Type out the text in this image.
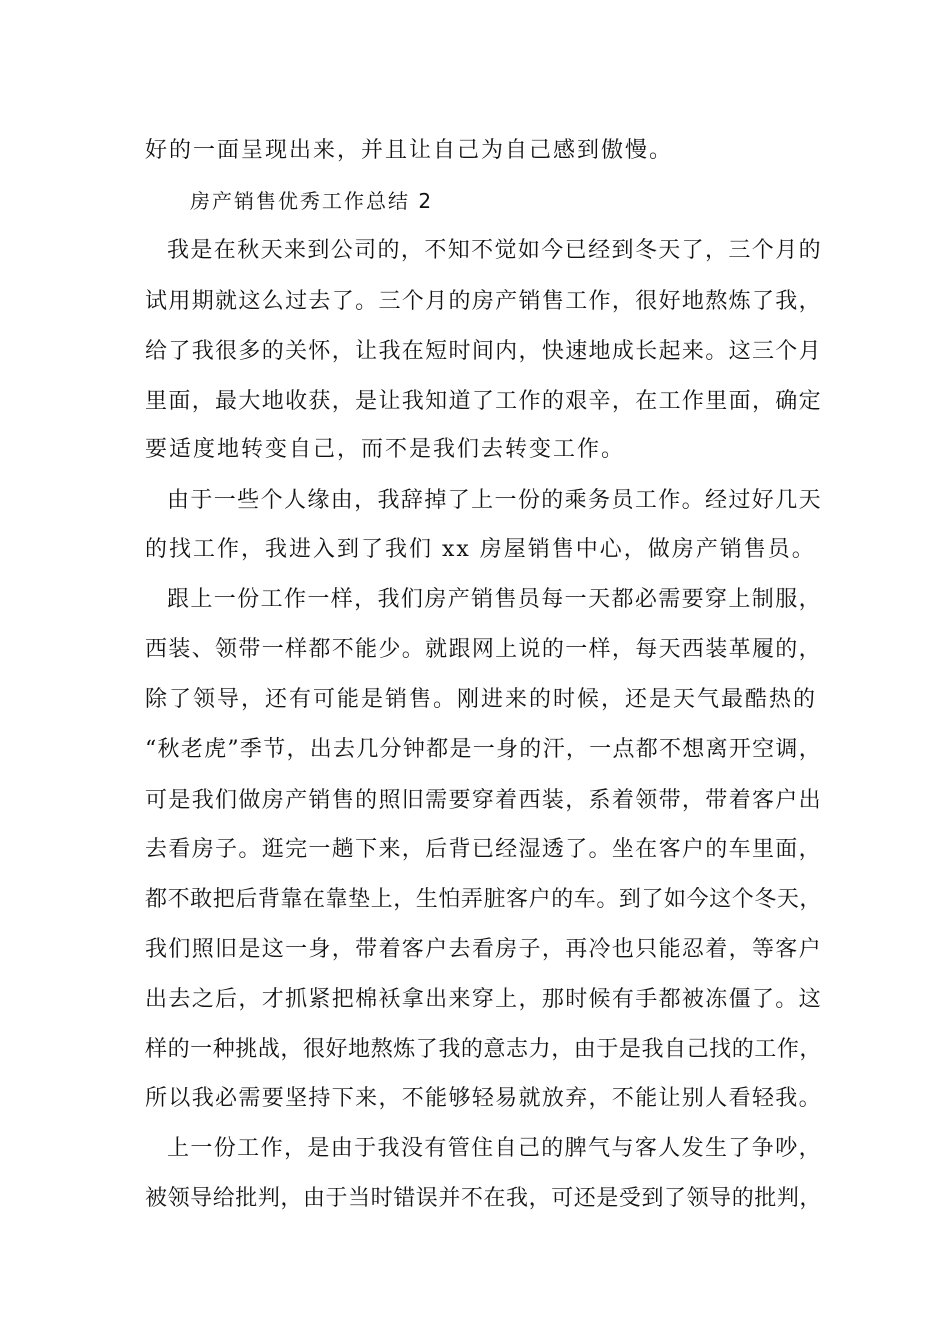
好的一面呈现出来，并且让自己为自己感到傲慢。
房产销售优秀工作总结 2
我是在秋天来到公司的，不知不觉如今已经到冬天了，三个月的
试用期就这么过去了。三个月的房产销售工作，很好地熬炼了我，
给了我很多的关怀，让我在短时间内，快速地成长起来。这三个月
里面，最大地收获，是让我知道了工作的艰辛，在工作里面，确定
要适度地转变自己，而不是我们去转变工作。
由于一些个人缘由，我辞掉了上一份的乘务员工作。经过好几天
的找工作，我进入到了我们 xx 房屋销售中心，做房产销售员。
跟上一份工作一样，我们房产销售员每一天都必需要穿上制服，
西装、领带一样都不能少。就跟网上说的一样，每天西装革履的，
除了领导，还有可能是销售。刚进来的时候，还是天气最酷热的
“秋老虎”季节，出去几分钟都是一身的汗，一点都不想离开空调，
可是我们做房产销售的照旧需要穿着西装，系着领带，带着客户出
去看房子。逛完一趟下来，后背已经湿透了。坐在客户的车里面，
都不敢把后背靠在靠垫上，生怕弄脏客户的车。到了如今这个冬天，
我们照旧是这一身，带着客户去看房子，再冷也只能忍着，等客户
出去之后，才抓紧把棉袄拿出来穿上，那时候有手都被冻僵了。这
样的一种挑战，很好地熬炼了我的意志力，由于是我自己找的工作，
所以我必需要坚持下来，不能够轻易就放弃，不能让别人看轻我。
上一份工作，是由于我没有管住自己的脾气与客人发生了争吵，
被领导给批判，由于当时错误并不在我，可还是受到了领导的批判，
